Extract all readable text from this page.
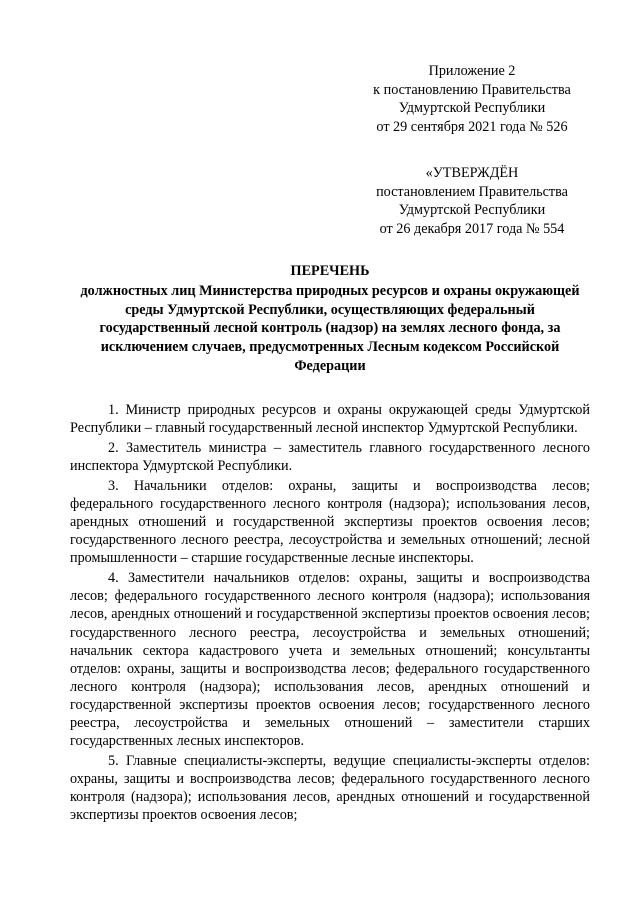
Приложение 2
к постановлению Правительства
Удмуртской Республики
от 29 сентября 2021 года № 526
«УТВЕРЖДЁН
постановлением Правительства
Удмуртской Республики
от 26 декабря 2017 года № 554
ПЕРЕЧЕНЬ
должностных лиц Министерства природных ресурсов и охраны окружающей среды Удмуртской Республики, осуществляющих федеральный государственный лесной контроль (надзор) на землях лесного фонда, за исключением случаев, предусмотренных Лесным кодексом Российской Федерации

1. Министр природных ресурсов и охраны окружающей среды Удмуртской Республики – главный государственный лесной инспектор Удмуртской Республики.

2. Заместитель министра – заместитель главного государственного лесного инспектора Удмуртской Республики.

3. Начальники отделов: охраны, защиты и воспроизводства лесов; федерального государственного лесного контроля (надзора); использования лесов, арендных отношений и государственной экспертизы проектов освоения лесов; государственного лесного реестра, лесоустройства и земельных отношений; лесной промышленности – старшие государственные лесные инспекторы.

4. Заместители начальников отделов: охраны, защиты и воспроизводства лесов; федерального государственного лесного контроля (надзора); использования лесов, арендных отношений и государственной экспертизы проектов освоения лесов; государственного лесного реестра, лесоустройства и земельных отношений; начальник сектора кадастрового учета и земельных отношений; консультанты отделов: охраны, защиты и воспроизводства лесов; федерального государственного лесного контроля (надзора); использования лесов, арендных отношений и государственной экспертизы проектов освоения лесов; государственного лесного реестра, лесоустройства и земельных отношений – заместители старших государственных лесных инспекторов.

5. Главные специалисты-эксперты, ведущие специалисты-эксперты отделов: охраны, защиты и воспроизводства лесов; федерального государственного лесного контроля (надзора); использования лесов, арендных отношений и государственной экспертизы проектов освоения лесов;
